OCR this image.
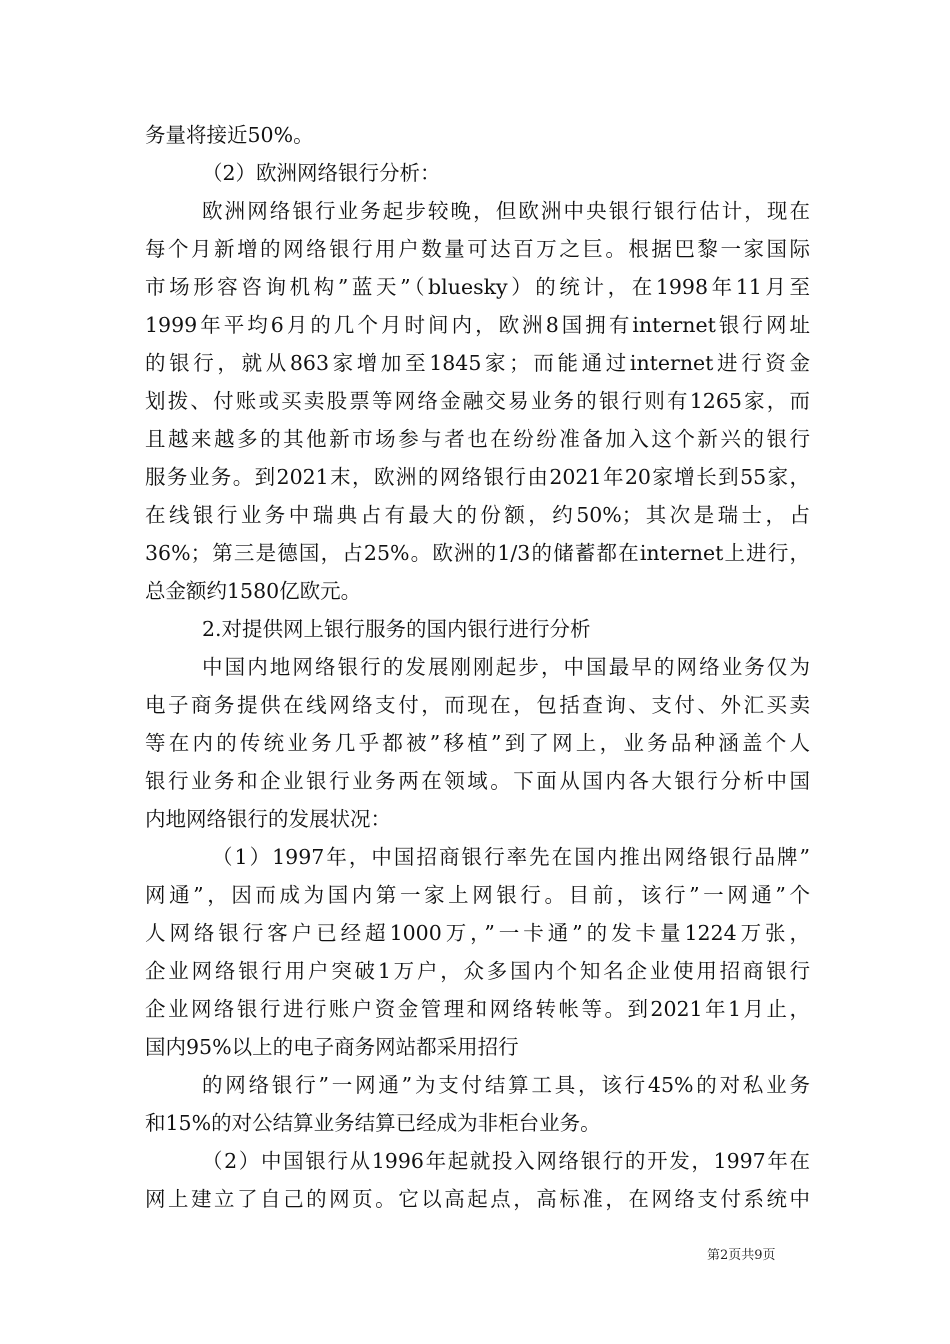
务量将接近50%。
（2）欧洲网络银行分析：
欧洲网络银行业务起步较晚，但欧洲中央银行银行估计，现在
每个月新增的网络银行用户数量可达百万之巨。根据巴黎一家国际
市场形容咨询机构”蓝天”（bluesky）的统计，在1998年11月至
1999年平均6月的几个月时间内，欧洲8国拥有internet银行网址
的银行，就从863家增加至1845家；而能通过internet进行资金
划拨、付账或买卖股票等网络金融交易业务的银行则有1265家，而
且越来越多的其他新市场参与者也在纷纷准备加入这个新兴的银行
服务业务。到2021末，欧洲的网络银行由2021年20家增长到55家，
在线银行业务中瑞典占有最大的份额，约50%；其次是瑞士，占
36%；第三是德国，占25%。欧洲的1/3的储蓄都在internet上进行，
总金额约1580亿欧元。
2.对提供网上银行服务的国内银行进行分析
中国内地网络银行的发展刚刚起步，中国最早的网络业务仅为
电子商务提供在线网络支付，而现在，包括查询、支付、外汇买卖
等在内的传统业务几乎都被”移植”到了网上，业务品种涵盖个人
银行业务和企业银行业务两在领域。下面从国内各大银行分析中国
内地网络银行的发展状况：
（1）1997年，中国招商银行率先在国内推出网络银行品牌”
网通”，因而成为国内第一家上网银行。目前，该行”一网通”个
人网络银行客户已经超1000万，”一卡通”的发卡量1224万张，
企业网络银行用户突破1万户，众多国内个知名企业使用招商银行
企业网络银行进行账户资金管理和网络转帐等。到2021年1月止，
国内95%以上的电子商务网站都采用招行
的网络银行”一网通”为支付结算工具，该行45%的对私业务
和15%的对公结算业务结算已经成为非柜台业务。
（2）中国银行从1996年起就投入网络银行的开发，1997年在
网上建立了自己的网页。它以高起点，高标准，在网络支付系统中
第2页共9页
